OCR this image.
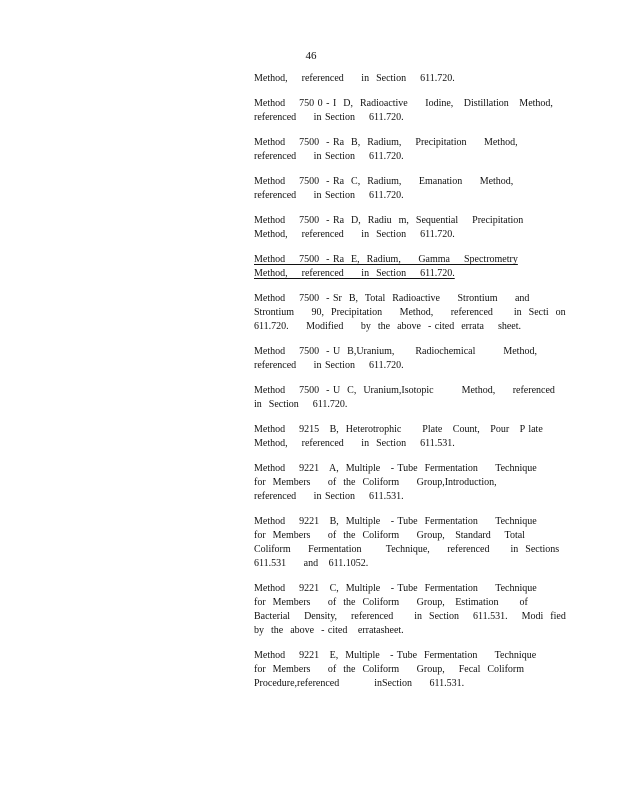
46
Method,    referenced     in  Section    611.720.
Method    750 0 - I  D,  Radioactive     Iodine,   Distillation   Method,
referenced     in Section    611.720.
Method    7500  - Ra  B,  Radium,    Precipitation     Method,
referenced     in Section    611.720.
Method    7500  - Ra  C,  Radium,     Emanation     Method,
referenced     in Section    611.720.
Method    7500  - Ra  D,  Radiu  m,  Sequential    Precipitation
Method,    referenced     in  Section    611.720.
Method    7500  - Ra  E,  Radium,     Gamma    Spectrometry
Method,    referenced     in  Section    611.720.
Method    7500  - Sr  B,  Total  Radioactive     Strontium     and
Strontium     90,  Precipitation     Method,     referenced      in  Secti  on
611.720.     Modified     by  the  above  - cited  errata    sheet.
Method    7500  - U  B,Uranium,      Radiochemical        Method,
referenced     in Section    611.720.
Method    7500  - U  C,  Uranium,Isotopic        Method,     referenced
in  Section    611.720.
Method    9215   B,  Heterotrophic      Plate   Count,   Pour   P late
Method,    referenced     in  Section    611.531.
Method    9221   A,  Multiple   - Tube  Fermentation     Technique
for  Members     of  the  Coliform     Group,Introduction,
referenced     in Section    611.531.
Method    9221   B,  Multiple   - Tube  Fermentation     Technique
for  Members     of  the  Coliform     Group,   Standard    Total
Coliform     Fermentation       Technique,     referenced      in  Sections
611.531     and   611.1052.
Method    9221   C,  Multiple   - Tube  Fermentation     Technique
for  Members     of  the  Coliform     Group,   Estimation      of
Bacterial    Density,    referenced      in  Section    611.531.    Modi  fied
by  the  above  - cited   erratasheet.
Method    9221   E,  Multiple   - Tube  Fermentation     Technique
for  Members     of  the  Coliform     Group,    Fecal  Coliform
Procedure,referenced          inSection     611.531.
